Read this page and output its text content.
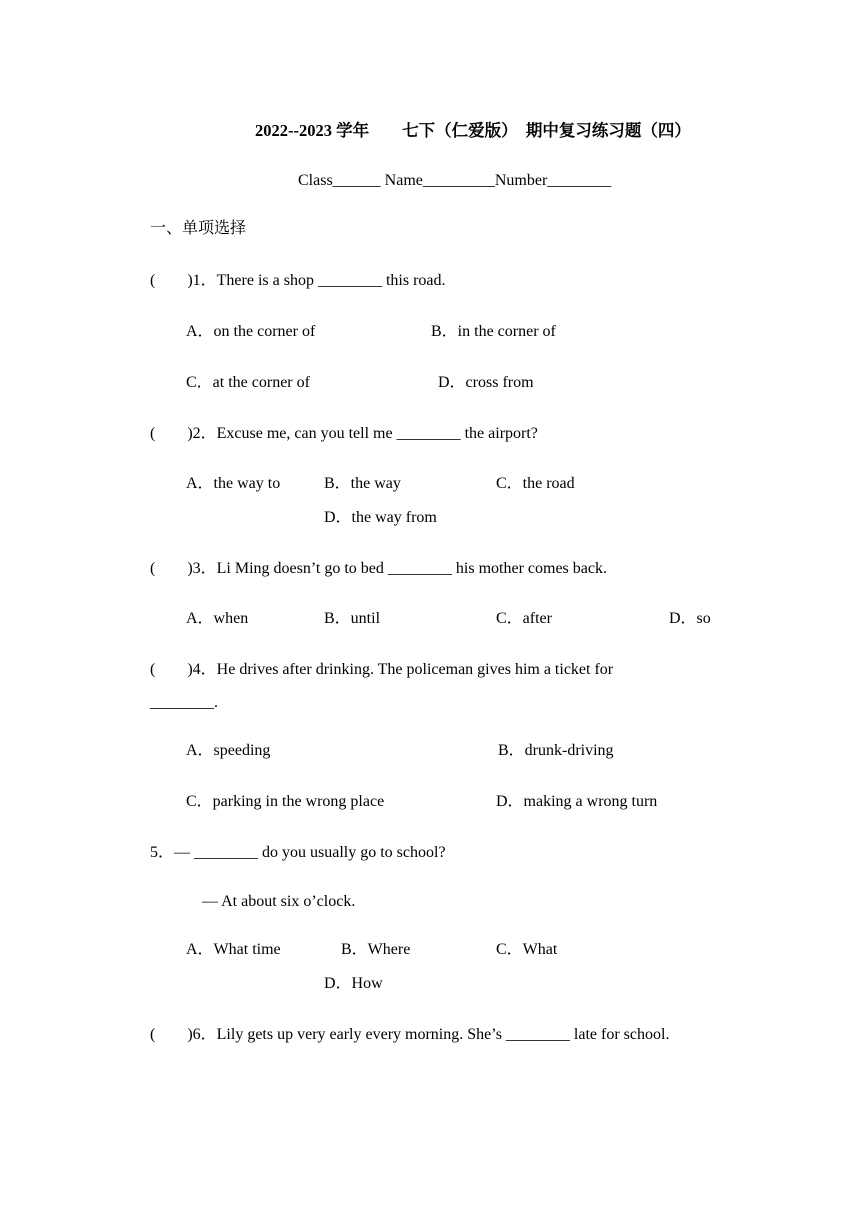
2022--2023 学年　　七下（仁爱版）　期中复习练习题（四）
Class______ Name_________Number________
一、单项选择
(　　)1．There is a shop ________ this road.
A．on the corner of	B．in the corner of
C．at the corner of	D．cross from
(　　)2．Excuse me, can you tell me ________ the airport?
A．the way to	B．the way	C．the road
D．the way from
(　　)3．Li Ming doesn’t go to bed ________ his mother comes back.
A．when	B．until	C．after	D．so
(　　)4．He drives after drinking. The policeman gives him a ticket for
________.
A．speeding	B．drunk-driving
C．parking in the wrong place	D．making a wrong turn
5．— ________ do you usually go to school?
— At about six o’clock.
A．What time	B．Where	C．What
D．How
(　　)6．Lily gets up very early every morning. She’s ________ late for school.
